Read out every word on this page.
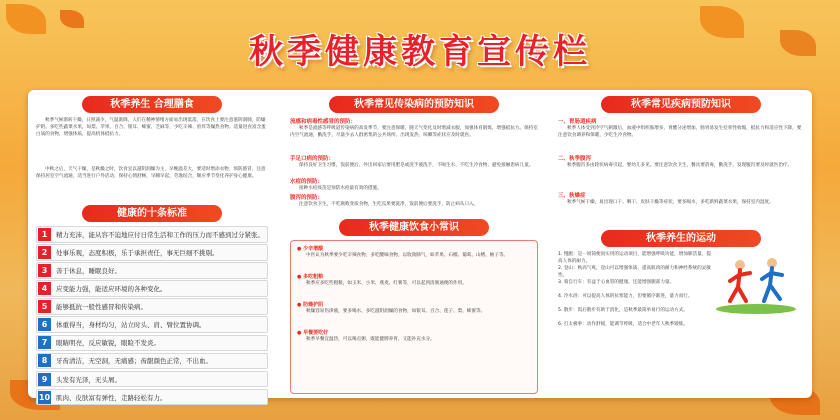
秋季健康教育宣传栏
秋季养生 合理膳食
秋季气候渐转干燥，日照减少，气温渐降，人们在精神情绪方面易出现低落，在饮食上要注意滋阴润肺，防燥护阴。多吃些蔬菜水果，如梨、苹果、百合、银耳、蜂蜜、芝麻等，少吃辛辣、煎炸等燥热食物。适量进食富含蛋白质的食物，增强体质，提高机体抵抗力。
中秋之后，天气干燥，是秋燥之时，饮食宜以滋阴润燥为主，早晚温差大，要适时增添衣物，预防感冒。注意保持居室空气流通，适当进行户外活动，保持心情舒畅，早睡早起，劳逸结合，顺应季节变化养护身心健康。
健康的十条标准
1	精力充沛，能从容不迫地应付日常生活和工作的压力而不感到过分紧张。
2	处事乐观，态度积极，乐于承担责任，事无巨细不挑剔。
3	善于休息，睡眠良好。
4	应变能力强，能适应环境的各种变化。
5	能够抵抗一般性感冒和传染病。
6	体重得当，身材均匀，站立时头、肩、臂位置协调。
7	眼睛明亮，反应敏锐，眼睑不发炎。
8	牙齿清洁，无空洞，无痛感；齿龈颜色正常，不出血。
9	头发有光泽，无头屑。
10 肌肉、皮肤富有弹性，走路轻松有力。
秋季常见传染病的预防知识
流感和病毒性感冒的预防：
秋季是流感等呼吸道传染病的高发季节，要注意保暖，随天气变化及时增减衣服，加强体育锻炼，增强抵抗力。保持室内空气流通，勤洗手，尽量少去人群密集的公共场所。出现发热、咳嗽等症状应及时就医。
手足口病的预防：
保持良好卫生习惯，饭前便后、外出回家后要用肥皂或洗手液洗手，不喝生水、不吃生冷食物，避免接触患病儿童。
水痘的预防：
接种水痘疫苗是预防水痘最有效的措施。
腹泻的预防：
注意饮食卫生，不吃腐败变质食物，生吃瓜果要洗净，饭前便后要洗手，防止病从口入。
秋季健康饮食小常识
● 少辛增酸
中医认为秋季要少吃辛辣食物，多吃酸味食物，以收敛肺气，如苹果、石榴、葡萄、山楂、柚子等。
● 多吃粗粮
秋季应多吃些粗粮，如玉米、小米、燕麦、红薯等，可以起到清肠通便的作用。
● 防燥护阴
秋燥容易伤津液，要多喝水，多吃滋阴润燥的食物，如银耳、百合、莲子、梨、蜂蜜等。
● 早餐要吃好
秋季早餐宜温热，可以喝点粥，既能健脾养胃，又能补充水分。
秋季常见疾病预防知识
一、胃肠道疾病
秋季人体受到冷空气刺激后，血液中组织胺增多，胃酸分泌增加，肠胃易发生痉挛性收缩，抵抗力和适应性下降，要注意饮食调养和保暖，少吃生冷食物。
二、秋季腹泻
秋季腹泻多由轮状病毒引起，婴幼儿多见。要注意饮食卫生，餐具要消毒，勤洗手，发现腹泻要及时就医治疗。
三、秋燥症
秋季气候干燥，易出现口干、咽干、皮肤干燥等症状，要多喝水，多吃新鲜蔬菜水果，保持室内湿度。
秋季养生的运动
1. 慢跑：是一项简便而实用的运动项目，能增强呼吸功能，增加肺活量，提高人体的耐力。
2. 登山：秋高气爽，登山可以增强体质，提高肌肉的耐力和神经系统的灵敏性。
3. 骑自行车：有益于心血管的健康，还能增强腿部力量。
4. 冷水浴：可以提高人体的抗寒能力，但要循序渐进，量力而行。
5. 散步：饭后散步有助于消化，是秋季最简单易行的运动方式。
6. 打太极拳：动作舒缓，能调节呼吸，适合中老年人秋季锻炼。
